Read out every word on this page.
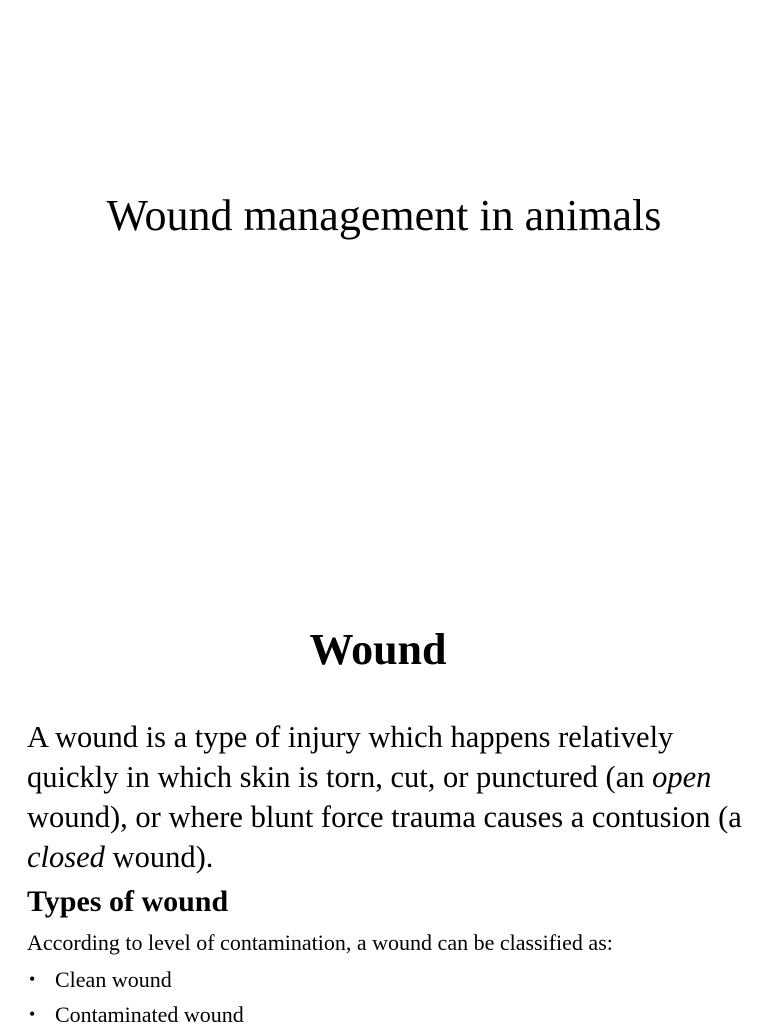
Wound management in animals
Wound

A wound is a type of injury which happens relatively quickly in which skin is torn, cut, or punctured (an open wound), or where blunt force trauma causes a contusion (a closed wound).

Types of wound

According to level of contamination, a wound can be classified as:

• Clean wound
• Contaminated wound
